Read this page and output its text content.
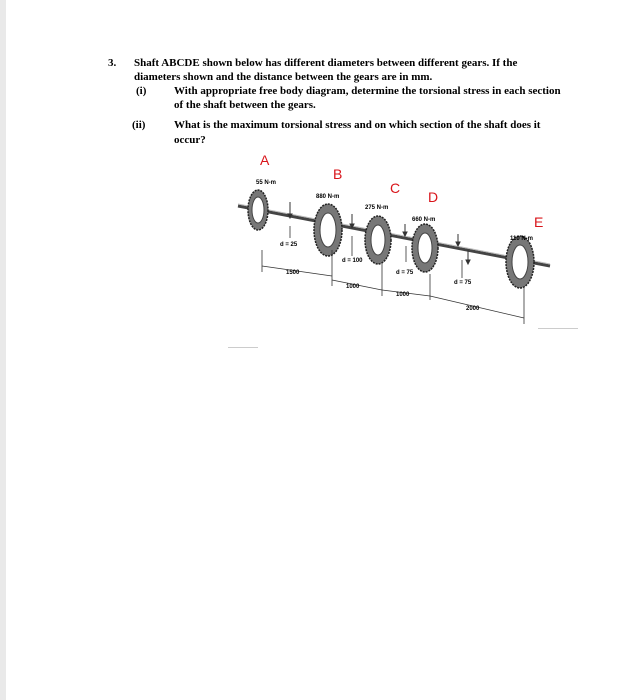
3. Shaft ABCDE shown below has different diameters between different gears. If the
diameters shown and the distance between the gears are in mm.
(i)	With appropriate free body diagram, determine the torsional stress in each section
of the shaft between the gears.
(ii)	What is the maximum torsional stress and on which section of the shaft does it
occur?
A
B
C
D
E
55 N-m
880 N-m
275 N-m
660 N-m
110 N-m
d = 25
d = 100
d = 75
d = 75
1500
1000
1000
2000
